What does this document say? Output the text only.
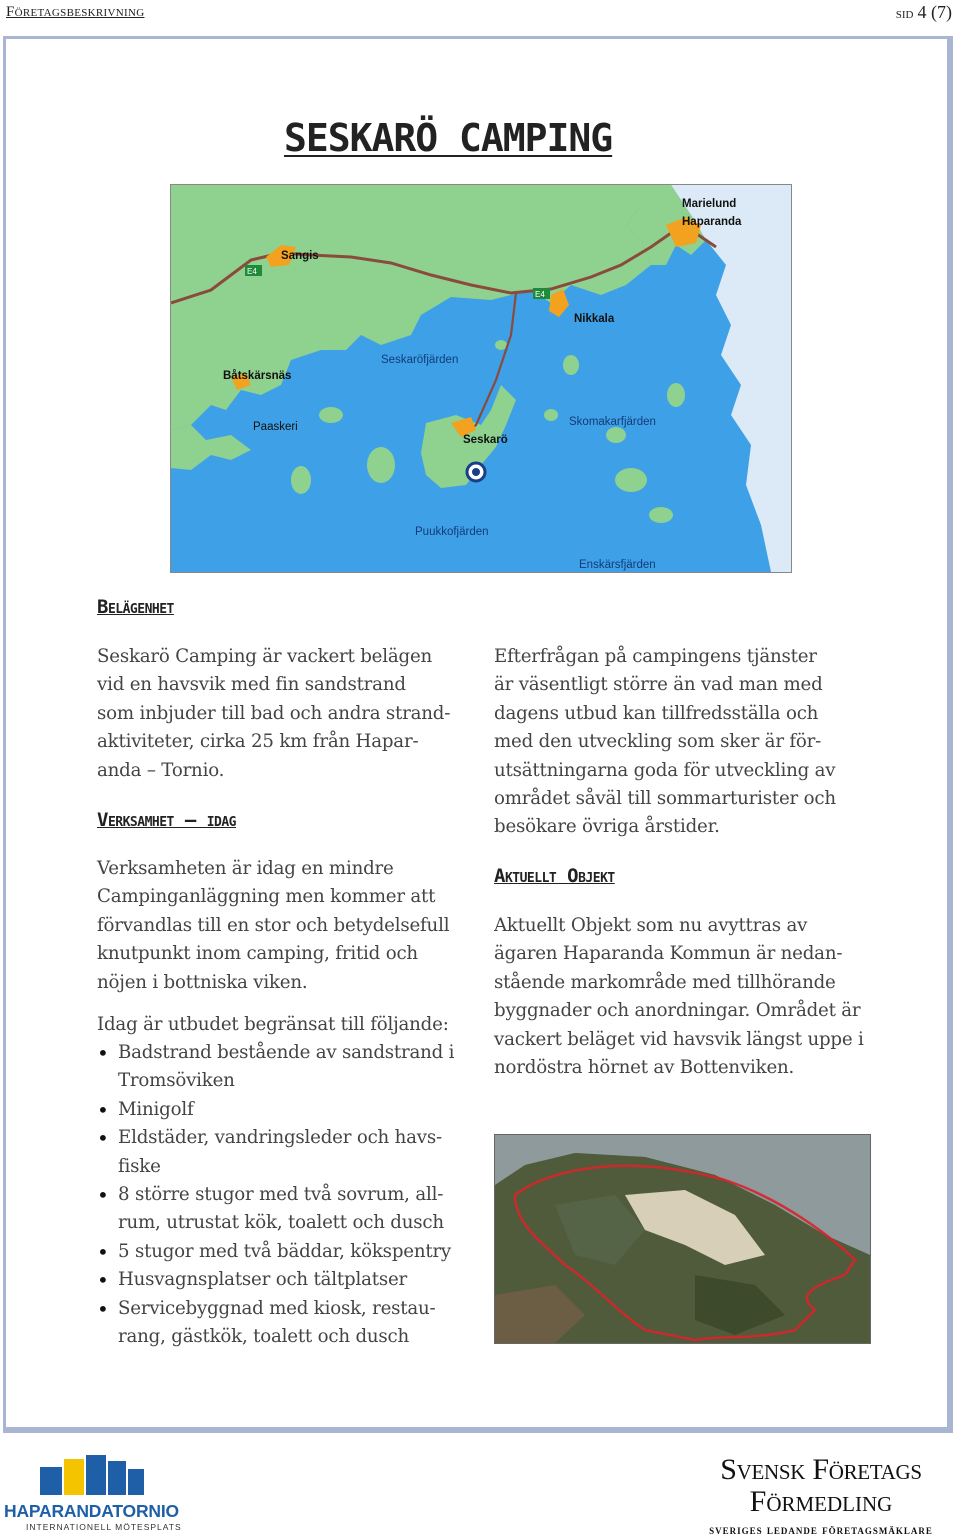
Företagsbeskrivning	sid 4 (7)
SESKARÖ CAMPING
Marielund
Haparanda
Sangis
E4
E4
Nikkala
Seskaröfjärden
Båtskärsnäs
Paaskeri	Skomakarfjärden
Seskarö
Puukkofjärden
Enskärsfjärden
Belägenhet
Seskarö Camping är vackert belägen
vid en havsvik med fin sandstrand
som inbjuder till bad och andra strand-
aktiviteter, cirka 25 km från Hapar-
anda – Tornio.
Verksamhet – idag
Verksamheten är idag en mindre
Campinganläggning men kommer att
förvandlas till en stor och betydelsefull
knutpunkt inom camping, fritid och
nöjen i bottniska viken.
Idag är utbudet begränsat till följande:
• Badstrand bestående av sandstrand i
Tromsöviken
• Minigolf
• Eldstäder, vandringsleder och havs-
fiske
• 8 större stugor med två sovrum, all-
rum, utrustat kök, toalett och dusch
• 5 stugor med två bäddar, kökspentry
• Husvagnsplatser och tältplatser
• Servicebyggnad med kiosk, restau-
rang, gästkök, toalett och dusch
Efterfrågan på campingens tjänster
är väsentligt större än vad man med
dagens utbud kan tillfredsställa och
med den utveckling som sker är för-
utsättningarna goda för utveckling av
området såväl till sommarturister och
besökare övriga årstider.
Aktuellt Objekt
Aktuellt Objekt som nu avyttras av
ägaren Haparanda Kommun är nedan-
stående markområde med tillhörande
byggnader och anordningar. Området är
vackert beläget vid havsvik längst uppe i
nordöstra hörnet av Bottenviken.
HAPARANDATORNIO
INTERNATIONELL MÖTESPLATS
Svensk Företags
Förmedling
sveriges ledande företagsmäklare
